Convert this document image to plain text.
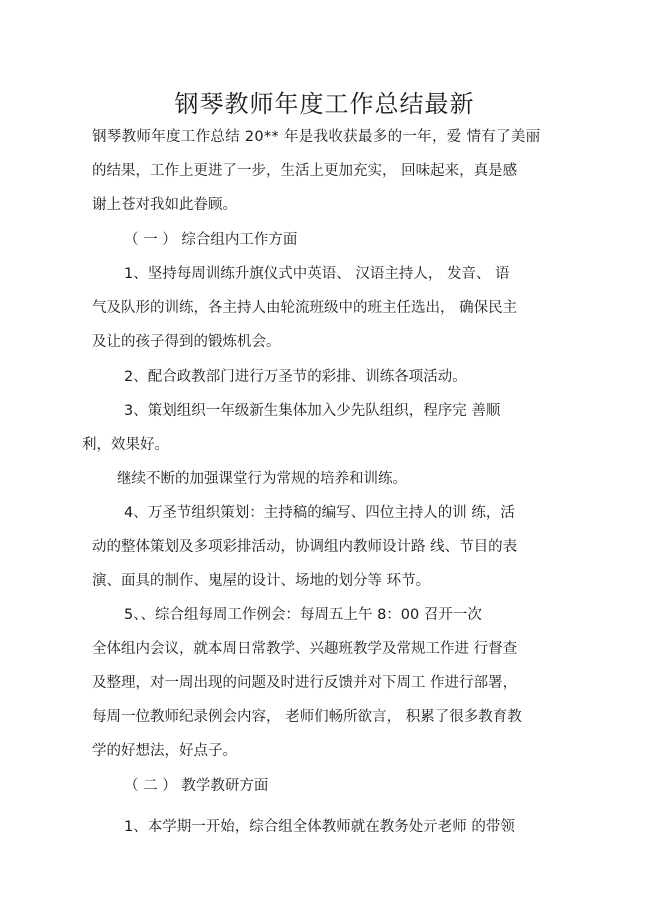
钢琴教师年度工作总结最新
钢琴教师年度工作总结 20** 年是我收获最多的一年，爱 情有了美丽
的结果，工作上更进了一步，生活上更加充实， 回味起来，真是感
谢上苍对我如此眷顾。
（ 一 ） 综合组内工作方面
1、坚持每周训练升旗仪式中英语、 汉语主持人， 发音、 语
气及队形的训练，各主持人由轮流班级中的班主任选出， 确保民主
及让的孩子得到的锻炼机会。
2、配合政教部门进行万圣节的彩排、训练各项活动。
3、策划组织一年级新生集体加入少先队组织，程序完 善顺
利，效果好。
继续不断的加强课堂行为常规的培养和训练。
4、万圣节组织策划：主持稿的编写、四位主持人的训 练，活
动的整体策划及多项彩排活动，协调组内教师设计路 线、节目的表
演、面具的制作、鬼屋的设计、场地的划分等 环节。
5、、综合组每周工作例会：每周五上午 8：00 召开一次
全体组内会议，就本周日常教学、兴趣班教学及常规工作进 行督查
及整理，对一周出现的问题及时进行反馈并对下周工 作进行部署，
每周一位教师纪录例会内容， 老师们畅所欲言， 积累了很多教育教
学的好想法，好点子。
（ 二 ） 教学教研方面
1、本学期一开始，综合组全体教师就在教务处亓老师 的带领
